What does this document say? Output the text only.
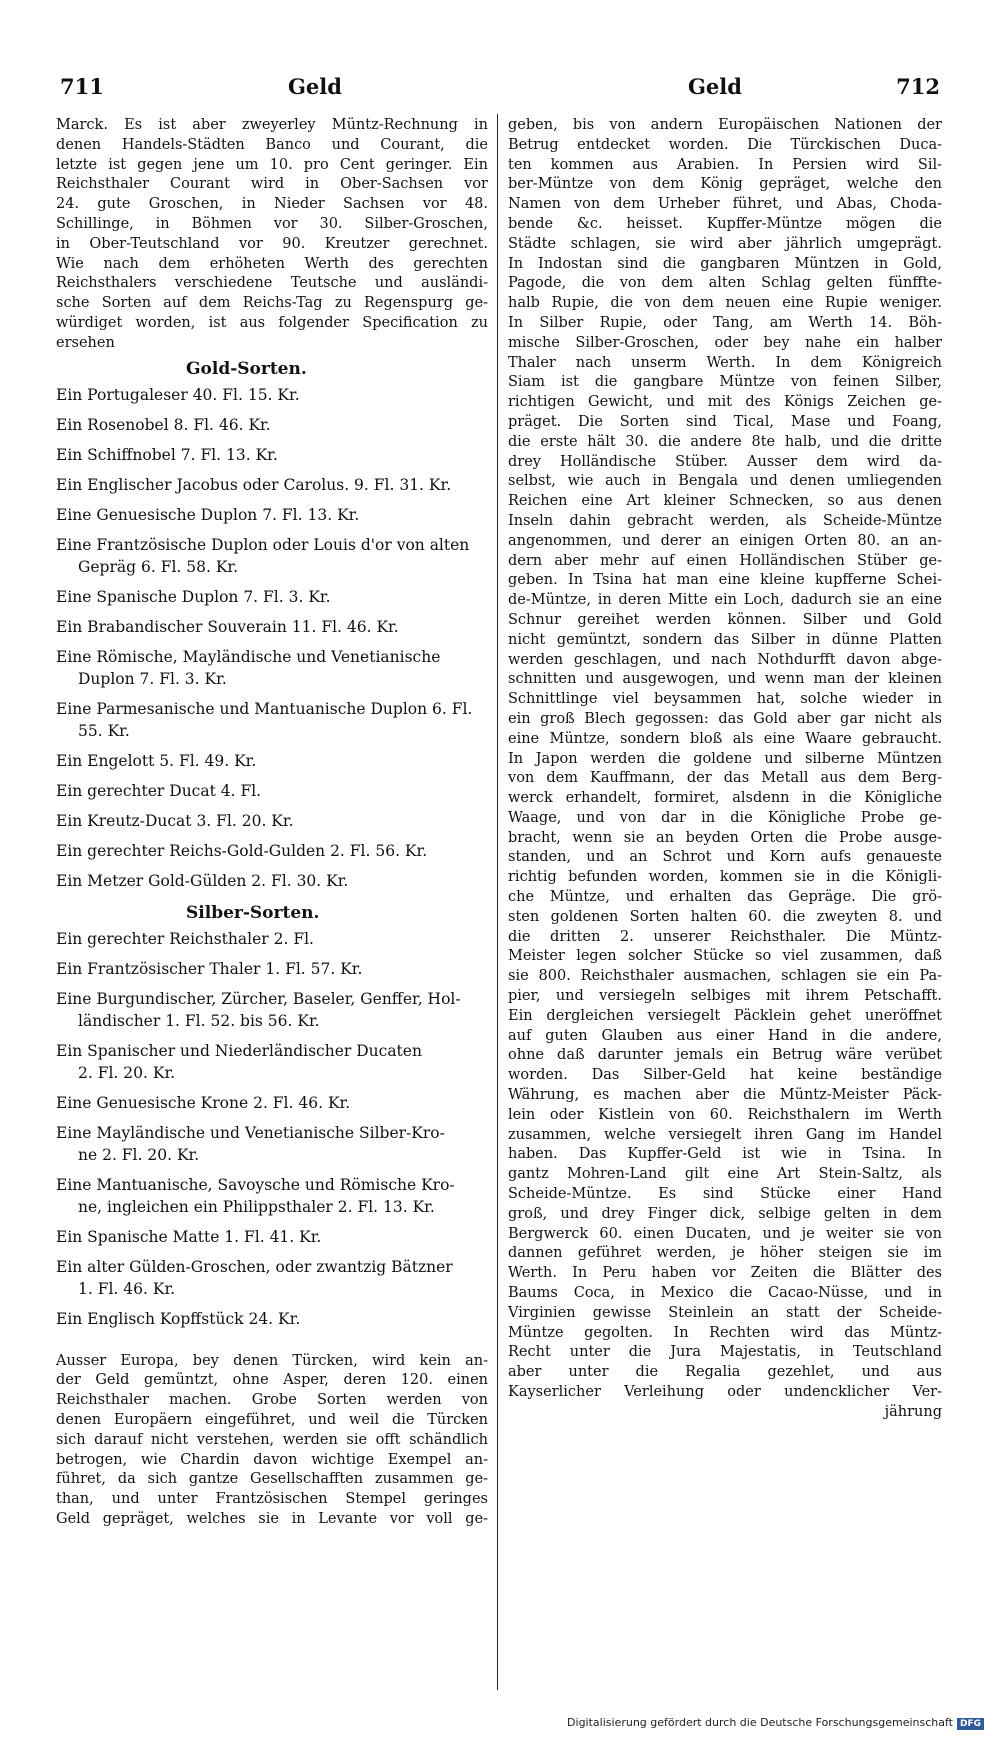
711	Geld	Geld	712
Marck. Es ist aber zweyerley Müntz-Rechnung in
denen Handels-Städten Banco und Courant, die
letzte ist gegen jene um 10. pro Cent geringer. Ein
Reichsthaler Courant wird in Ober-Sachsen vor
24. gute Groschen, in Nieder Sachsen vor 48.
Schillinge, in Böhmen vor 30. Silber-Groschen,
in Ober-Teutschland vor 90. Kreutzer gerechnet.
Wie nach dem erhöheten Werth des gerechten
Reichsthalers verschiedene Teutsche und ausländi-
sche Sorten auf dem Reichs-Tag zu Regenspurg ge-
würdiget worden, ist aus folgender Specification zu
ersehen
Gold-Sorten.
Ein Portugaleser 40. Fl. 15. Kr.
Ein Rosenobel 8. Fl. 46. Kr.
Ein Schiffnobel 7. Fl. 13. Kr.
Ein Englischer Jacobus oder Carolus. 9. Fl. 31. Kr.
Eine Genuesische Duplon 7. Fl. 13. Kr.
Eine Frantzösische Duplon oder Louis d'or von alten
Gepräg 6. Fl. 58. Kr.
Eine Spanische Duplon 7. Fl. 3. Kr.
Ein Brabandischer Souverain 11. Fl. 46. Kr.
Eine Römische, Mayländische und Venetianische
Duplon 7. Fl. 3. Kr.
Eine Parmesanische und Mantuanische Duplon 6. Fl.
55. Kr.
Ein Engelott 5. Fl. 49. Kr.
Ein gerechter Ducat 4. Fl.
Ein Kreutz-Ducat 3. Fl. 20. Kr.
Ein gerechter Reichs-Gold-Gulden 2. Fl. 56. Kr.
Ein Metzer Gold-Gülden 2. Fl. 30. Kr.
Silber-Sorten.
Ein gerechter Reichsthaler 2. Fl.
Ein Frantzösischer Thaler 1. Fl. 57. Kr.
Eine Burgundischer, Zürcher, Baseler, Genffer, Hol-
ländischer 1. Fl. 52. bis 56. Kr.
Ein Spanischer und Niederländischer Ducaten
2. Fl. 20. Kr.
Eine Genuesische Krone 2. Fl. 46. Kr.
Eine Mayländische und Venetianische Silber-Kro-
ne 2. Fl. 20. Kr.
Eine Mantuanische, Savoysche und Römische Kro-
ne, ingleichen ein Philippsthaler 2. Fl. 13. Kr.
Ein Spanische Matte 1. Fl. 41. Kr.
Ein alter Gülden-Groschen, oder zwantzig Bätzner
1. Fl. 46. Kr.
Ein Englisch Kopffstück 24. Kr.
Ausser Europa, bey denen Türcken, wird kein an-
der Geld gemüntzt, ohne Asper, deren 120. einen
Reichsthaler machen. Grobe Sorten werden von
denen Europäern eingeführet, und weil die Türcken
sich darauf nicht verstehen, werden sie offt schändlich
betrogen, wie Chardin davon wichtige Exempel an-
führet, da sich gantze Gesellschafften zusammen ge-
than, und unter Frantzösischen Stempel geringes
Geld gepräget, welches sie in Levante vor voll ge-
geben, bis von andern Europäischen Nationen der
Betrug entdecket worden. Die Türckischen Duca-
ten kommen aus Arabien. In Persien wird Sil-
ber-Müntze von dem König gepräget, welche den
Namen von dem Urheber führet, und Abas, Choda-
bende &c. heisset. Kupffer-Müntze mögen die
Städte schlagen, sie wird aber jährlich umgeprägt.
In Indostan sind die gangbaren Müntzen in Gold,
Pagode, die von dem alten Schlag gelten fünffte-
halb Rupie, die von dem neuen eine Rupie weniger.
In Silber Rupie, oder Tang, am Werth 14. Böh-
mische Silber-Groschen, oder bey nahe ein halber
Thaler nach unserm Werth. In dem Königreich
Siam ist die gangbare Müntze von feinen Silber,
richtigen Gewicht, und mit des Königs Zeichen ge-
präget. Die Sorten sind Tical, Mase und Foang,
die erste hält 30. die andere 8te halb, und die dritte
drey Holländische Stüber. Ausser dem wird da-
selbst, wie auch in Bengala und denen umliegenden
Reichen eine Art kleiner Schnecken, so aus denen
Inseln dahin gebracht werden, als Scheide-Müntze
angenommen, und derer an einigen Orten 80. an an-
dern aber mehr auf einen Holländischen Stüber ge-
geben. In Tsina hat man eine kleine kupfferne Schei-
de-Müntze, in deren Mitte ein Loch, dadurch sie an eine
Schnur gereihet werden können. Silber und Gold
nicht gemüntzt, sondern das Silber in dünne Platten
werden geschlagen, und nach Nothdurfft davon abge-
schnitten und ausgewogen, und wenn man der kleinen
Schnittlinge viel beysammen hat, solche wieder in
ein groß Blech gegossen: das Gold aber gar nicht als
eine Müntze, sondern bloß als eine Waare gebraucht.
In Japon werden die goldene und silberne Müntzen
von dem Kauffmann, der das Metall aus dem Berg-
werck erhandelt, formiret, alsdenn in die Königliche
Waage, und von dar in die Königliche Probe ge-
bracht, wenn sie an beyden Orten die Probe ausge-
standen, und an Schrot und Korn aufs genaueste
richtig befunden worden, kommen sie in die Königli-
che Müntze, und erhalten das Gepräge. Die grö-
sten goldenen Sorten halten 60. die zweyten 8. und
die dritten 2. unserer Reichsthaler. Die Müntz-
Meister legen solcher Stücke so viel zusammen, daß
sie 800. Reichsthaler ausmachen, schlagen sie ein Pa-
pier, und versiegeln selbiges mit ihrem Petschafft.
Ein dergleichen versiegelt Päcklein gehet uneröffnet
auf guten Glauben aus einer Hand in die andere,
ohne daß darunter jemals ein Betrug wäre verübet
worden. Das Silber-Geld hat keine beständige
Währung, es machen aber die Müntz-Meister Päck-
lein oder Kistlein von 60. Reichsthalern im Werth
zusammen, welche versiegelt ihren Gang im Handel
haben. Das Kupffer-Geld ist wie in Tsina. In
gantz Mohren-Land gilt eine Art Stein-Saltz, als
Scheide-Müntze. Es sind Stücke einer Hand
groß, und drey Finger dick, selbige gelten in dem
Bergwerck 60. einen Ducaten, und je weiter sie von
dannen geführet werden, je höher steigen sie im
Werth. In Peru haben vor Zeiten die Blätter des
Baums Coca, in Mexico die Cacao-Nüsse, und in
Virginien gewisse Steinlein an statt der Scheide-
Müntze gegolten. In Rechten wird das Müntz-
Recht unter die Jura Majestatis, in Teutschland
aber unter die Regalia gezehlet, und aus
Kayserlicher Verleihung oder undencklicher Ver-
jährung
Digitalisierung gefördert durch die Deutsche Forschungsgemeinschaft DFG
